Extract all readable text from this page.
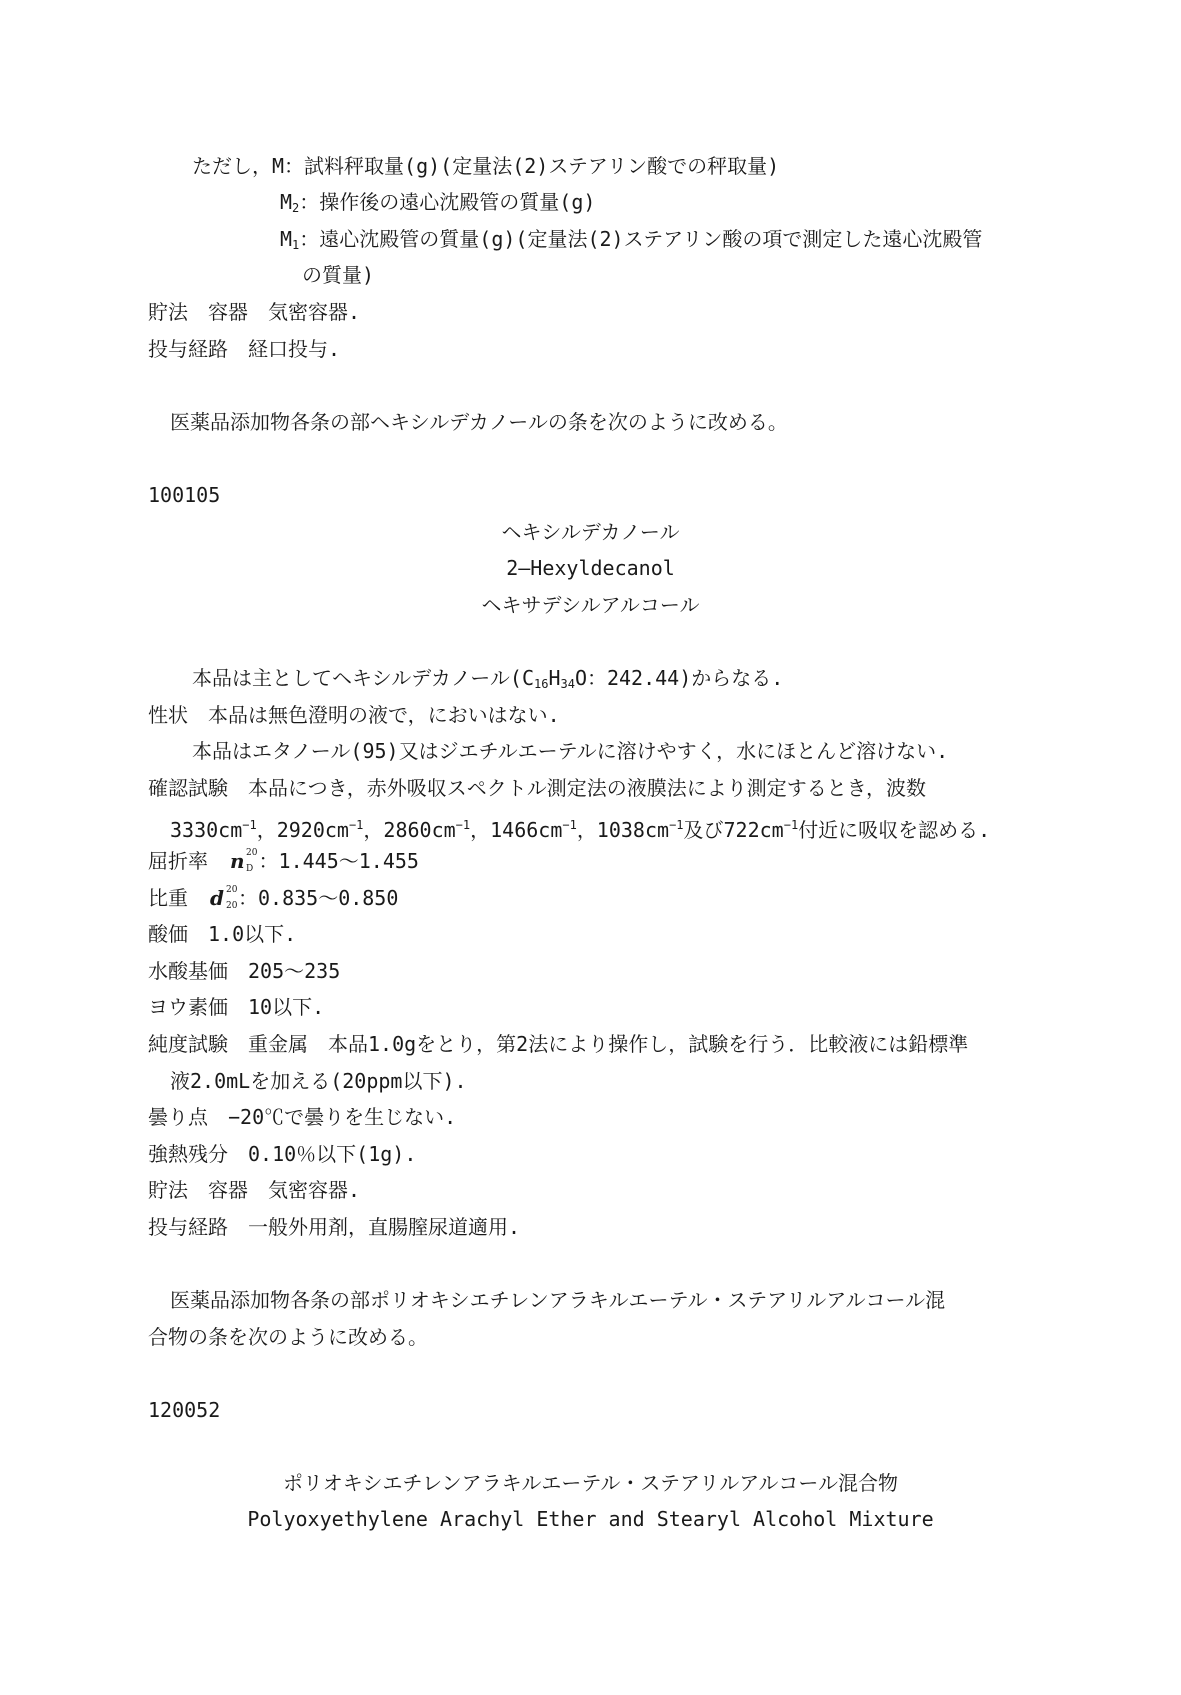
ただし，M：試料秤取量(g)(定量法(2)ステアリン酸での秤取量)
$M_2$：操作後の遠心沈殿管の質量(g)
$M_1$：遠心沈殿管の質量(g)(定量法(2)ステアリン酸の項で測定した遠心沈殿管
の質量)
貯法　容器　気密容器.
投与経路　経口投与.
医薬品添加物各条の部ヘキシルデカノールの条を次のように改める。
100105
ヘキシルデカノール
2—Hexyldecanol
ヘキサデシルアルコール
本品は主としてヘキシルデカノール($C_{16}H_{34}O$：242.44)からなる.
性状　本品は無色澄明の液で，においはない.
本品はエタノール(95)又はジエチルエーテルに溶けやすく，水にほとんど溶けない.
確認試験　本品につき，赤外吸収スペクトル測定法の液膜法により測定するとき，波数
$3330cm^{-1}$，$2920cm^{-1}$，$2860cm^{-1}$，$1466cm^{-1}$，$1038cm^{-1}$及び$722cm^{-1}$付近に吸収を認める.
屈折率 n 20
D ：1.445〜1.455
比重 d 20
20 ：0.835〜0.850
酸価　1.0以下.
水酸基価　205〜235
ヨウ素価　10以下.
純度試験　重金属　本品1.0gをとり，第2法により操作し，試験を行う．比較液には鉛標準
液2.0mLを加える(20ppm以下).
曇り点　−20℃で曇りを生じない.
強熱残分　0.10％以下(1g).
貯法　容器　気密容器.
投与経路　一般外用剤，直腸膣尿道適用.
医薬品添加物各条の部ポリオキシエチレンアラキルエーテル・ステアリルアルコール混
合物の条を次のように改める。
120052
ポリオキシエチレンアラキルエーテル・ステアリルアルコール混合物
Polyoxyethylene Arachyl Ether and Stearyl Alcohol Mixture
